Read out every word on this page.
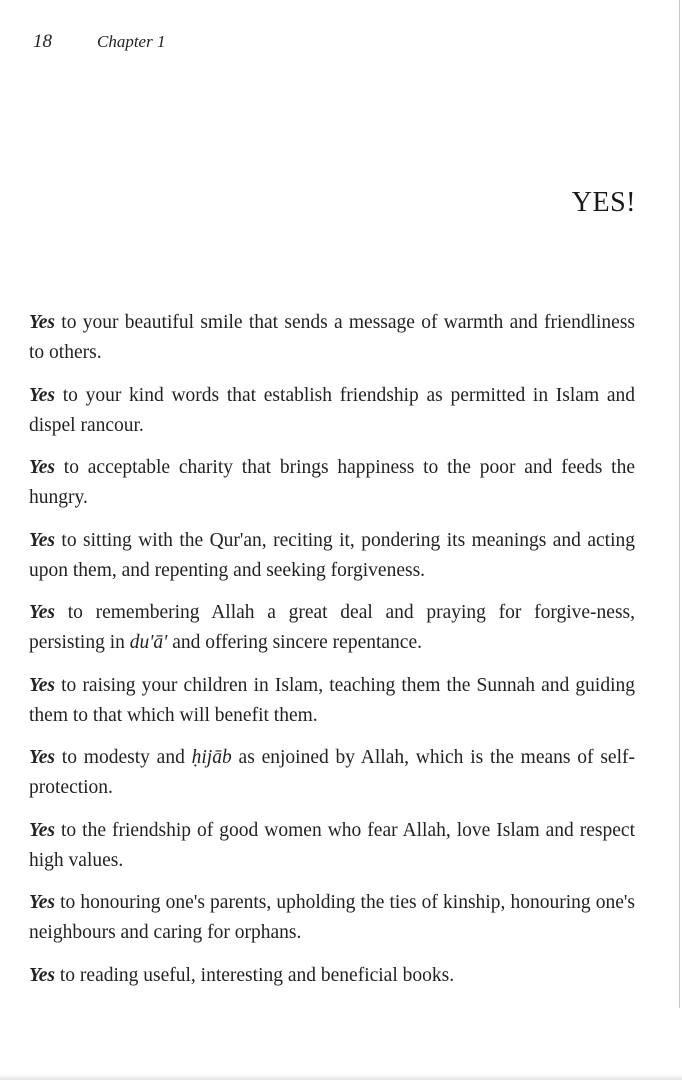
18	Chapter 1
YES!

Yes to your beautiful smile that sends a message of warmth and friendliness to others.

Yes to your kind words that establish friendship as permitted in Islam and dispel rancour.

Yes to acceptable charity that brings happiness to the poor and feeds the hungry.

Yes to sitting with the Qur'an, reciting it, pondering its meanings and acting upon them, and repenting and seeking forgiveness.

Yes to remembering Allah a great deal and praying for forgive-ness, persisting in du'ā' and offering sincere repentance.

Yes to raising your children in Islam, teaching them the Sunnah and guiding them to that which will benefit them.

Yes to modesty and ḥijāb as enjoined by Allah, which is the means of self-protection.

Yes to the friendship of good women who fear Allah, love Islam and respect high values.

Yes to honouring one's parents, upholding the ties of kinship, honouring one's neighbours and caring for orphans.

Yes to reading useful, interesting and beneficial books.
